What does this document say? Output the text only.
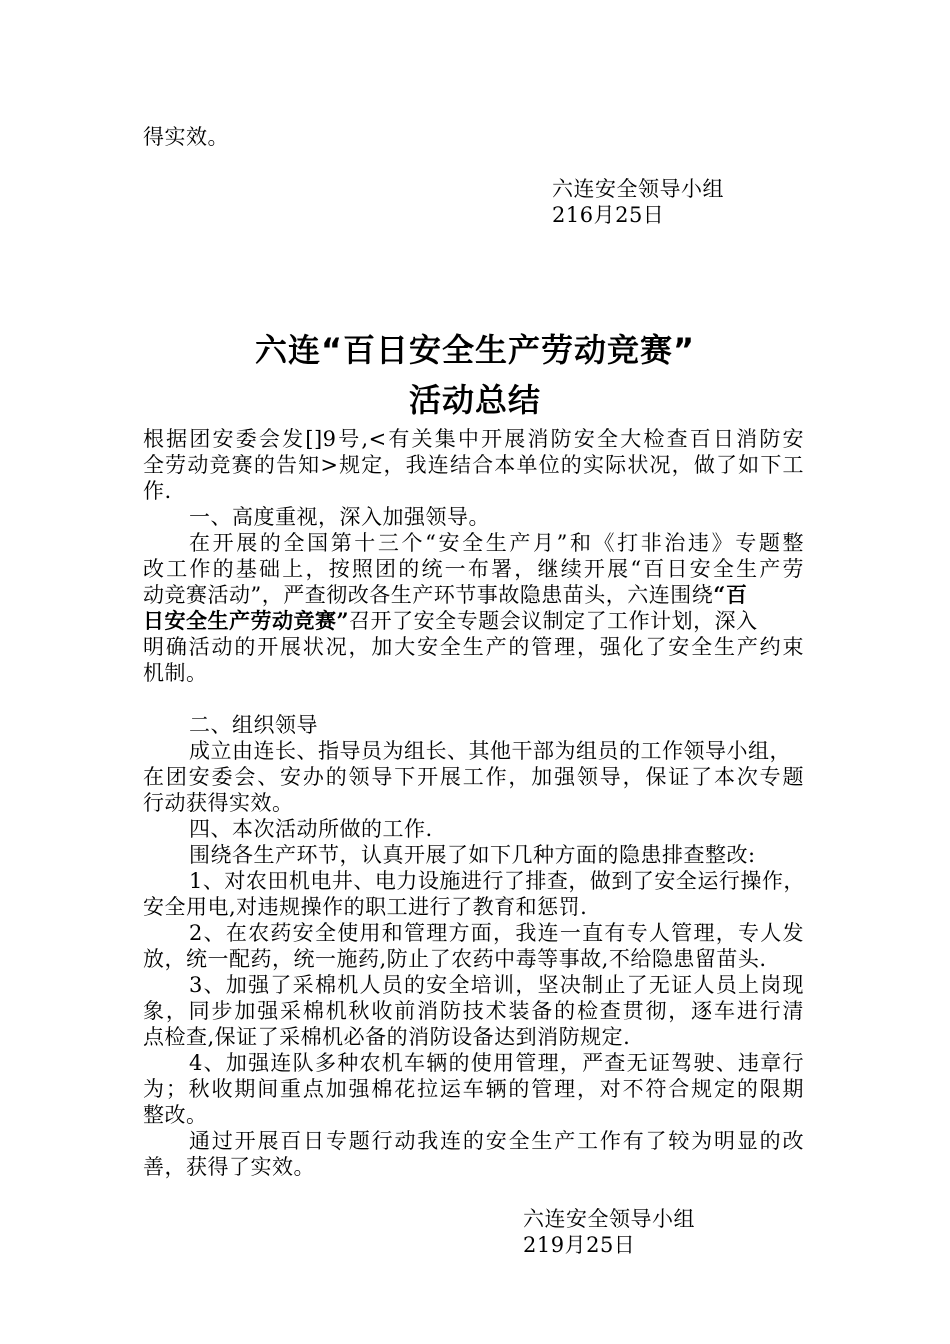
得实效。
六连安全领导小组
216月25日
六连“百日安全生产劳动竞赛”
活动总结
根据团安委会发[]9号,<有关集中开展消防安全大检查百日消防安
全劳动竞赛的告知>规定，我连结合本单位的实际状况，做了如下工
作.
一、高度重视，深入加强领导。
在开展的全国第十三个“安全生产月”和《打非治违》专题整
改工作的基础上，按照团的统一布署，继续开展“百日安全生产劳
动竞赛活动”，严查彻改各生产环节事故隐患苗头，六连围绕“百
日安全生产劳动竞赛”召开了安全专题会议制定了工作计划，深入
明确活动的开展状况，加大安全生产的管理，强化了安全生产约束
机制。
二、组织领导
成立由连长、指导员为组长、其他干部为组员的工作领导小组，
在团安委会、安办的领导下开展工作，加强领导，保证了本次专题
行动获得实效。
四、本次活动所做的工作.
围绕各生产环节，认真开展了如下几种方面的隐患排查整改:
1、对农田机电井、电力设施进行了排查，做到了安全运行操作，
安全用电,对违规操作的职工进行了教育和惩罚.
2、在农药安全使用和管理方面，我连一直有专人管理，专人发
放，统一配药，统一施药,防止了农药中毒等事故,不给隐患留苗头.
3、加强了采棉机人员的安全培训，坚决制止了无证人员上岗现
象，同步加强采棉机秋收前消防技术装备的检查贯彻，逐车进行清
点检查,保证了采棉机必备的消防设备达到消防规定.
4、加强连队多种农机车辆的使用管理，严查无证驾驶、违章行
为；秋收期间重点加强棉花拉运车辆的管理，对不符合规定的限期
整改。
通过开展百日专题行动我连的安全生产工作有了较为明显的改
善，获得了实效。
六连安全领导小组
219月25日
